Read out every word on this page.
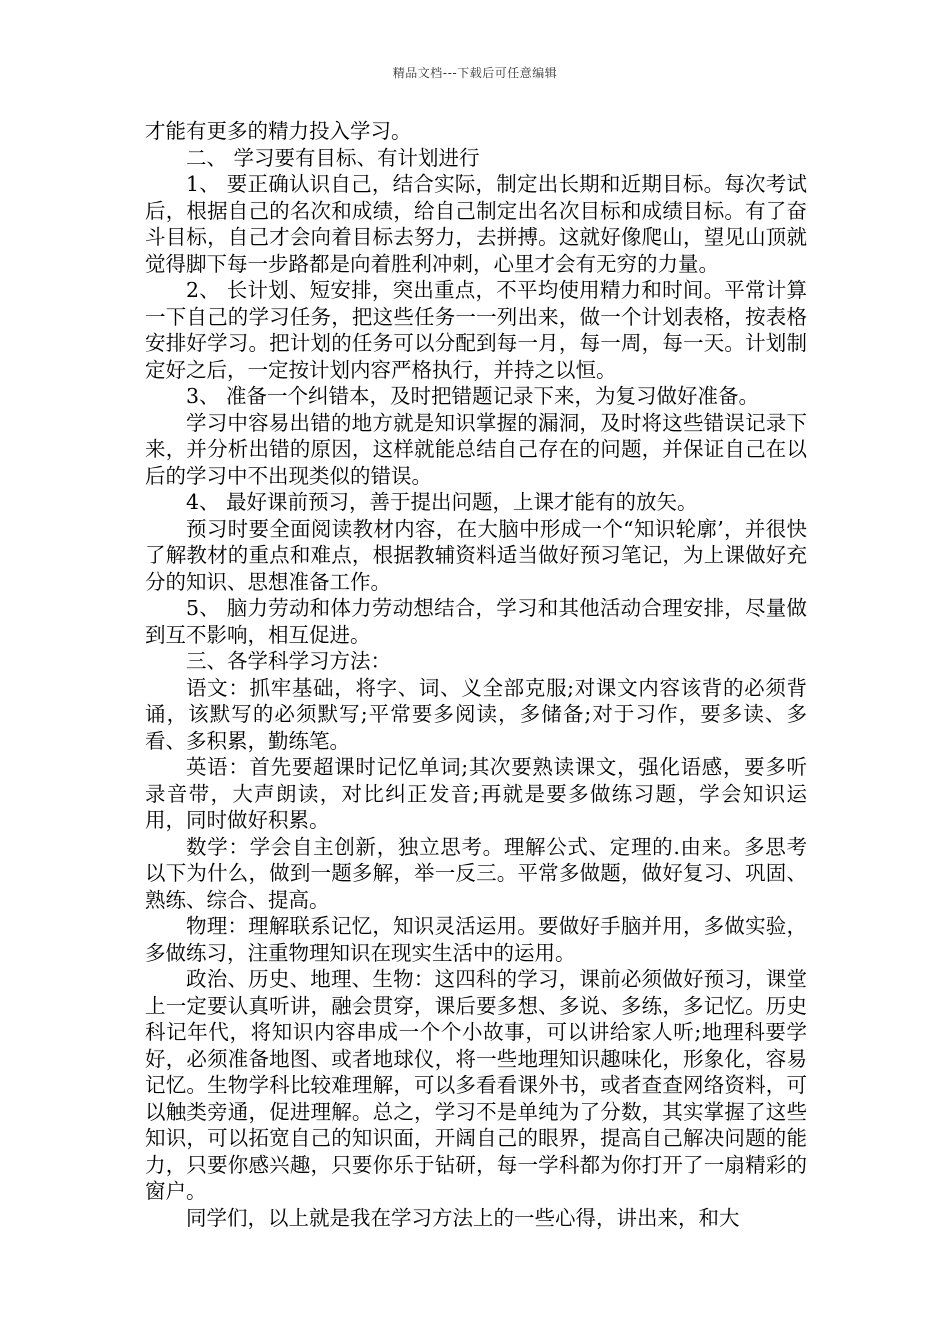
精品文档---下载后可任意编辑

才能有更多的精力投入学习。

二、 学习要有目标、有计划进行

1、 要正确认识自己，结合实际，制定出长期和近期目标。每次考试后，根据自己的名次和成绩，给自己制定出名次目标和成绩目标。有了奋斗目标，自己才会向着目标去努力，去拼搏。这就好像爬山，望见山顶就觉得脚下每一步路都是向着胜利冲刺，心里才会有无穷的力量。

2、 长计划、短安排，突出重点，不平均使用精力和时间。平常计算一下自己的学习任务，把这些任务一一列出来，做一个计划表格，按表格安排好学习。把计划的任务可以分配到每一月，每一周，每一天。计划制定好之后，一定按计划内容严格执行，并持之以恒。

3、 准备一个纠错本，及时把错题记录下来，为复习做好准备。

学习中容易出错的地方就是知识掌握的漏洞，及时将这些错误记录下来，并分析出错的原因，这样就能总结自己存在的问题，并保证自己在以后的学习中不出现类似的错误。

4、 最好课前预习，善于提出问题，上课才能有的放矢。

预习时要全面阅读教材内容，在大脑中形成一个“知识轮廓’，并很快了解教材的重点和难点，根据教辅资料适当做好预习笔记，为上课做好充分的知识、思想准备工作。

5、 脑力劳动和体力劳动想结合，学习和其他活动合理安排，尽量做到互不影响，相互促进。

三、各学科学习方法：

语文：抓牢基础，将字、词、义全部克服;对课文内容该背的必须背诵，该默写的必须默写;平常要多阅读，多储备;对于习作，要多读、多看、多积累，勤练笔。

英语：首先要超课时记忆单词;其次要熟读课文，强化语感，要多听录音带，大声朗读，对比纠正发音;再就是要多做练习题，学会知识运用，同时做好积累。

数学：学会自主创新，独立思考。理解公式、定理的.由来。多思考以下为什么，做到一题多解，举一反三。平常多做题，做好复习、巩固、熟练、综合、提高。

物理：理解联系记忆，知识灵活运用。要做好手脑并用，多做实验，多做练习，注重物理知识在现实生活中的运用。

政治、历史、地理、生物：这四科的学习，课前必须做好预习，课堂上一定要认真听讲，融会贯穿，课后要多想、多说、多练，多记忆。历史科记年代，将知识内容串成一个个小故事，可以讲给家人听;地理科要学好，必须准备地图、或者地球仪，将一些地理知识趣味化，形象化，容易记忆。生物学科比较难理解，可以多看看课外书，或者查查网络资料，可以触类旁通，促进理解。总之，学习不是单纯为了分数，其实掌握了这些知识，可以拓宽自己的知识面，开阔自己的眼界，提高自己解决问题的能力，只要你感兴趣，只要你乐于钻研，每一学科都为你打开了一扇精彩的窗户。

同学们，以上就是我在学习方法上的一些心得，讲出来，和大
